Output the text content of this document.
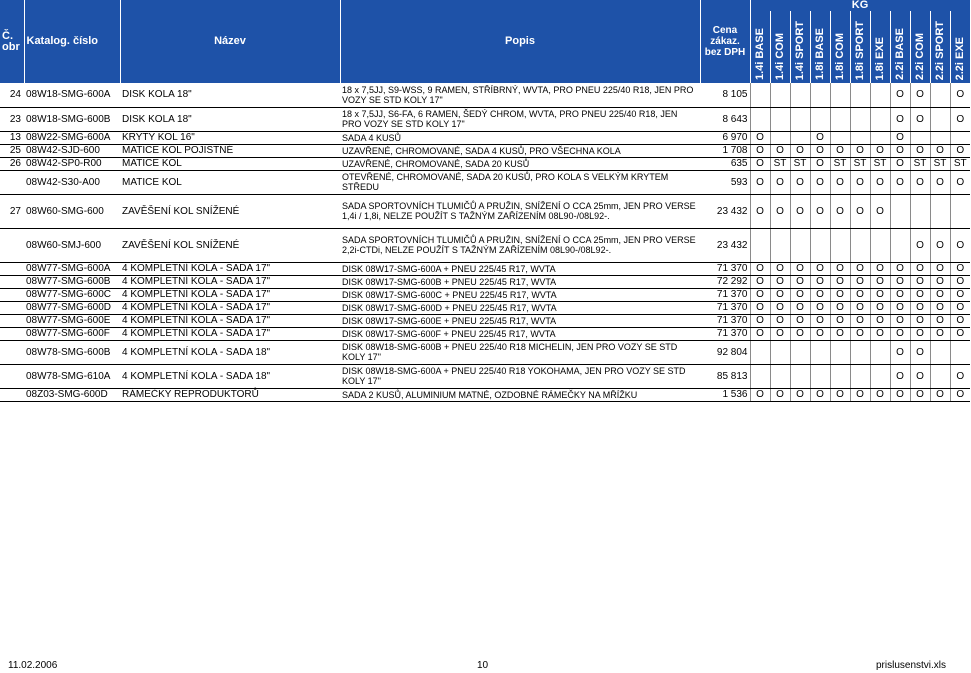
Č. obr	Katalog. číslo	Název	Popis	Cena zákaz. bez DPH	KG										
					1.4i BASE	1.4i COM	1.4i SPORT	1.8i BASE	1.8i COM	1.8i SPORT	1.8i EXE	2.2i BASE	2.2i COM	2.2i SPORT	2.2i EXE
24	08W18-SMG-600A	DISK KOLA 18"	18 x 7,5JJ, S9-WSS, 9 RAMEN, STŘÍBRNÝ, WVTA, PRO PNEU 225/40 R18, JEN PRO VOZY SE STD KOLY 17"	8 105								O	O		O
23	08W18-SMG-600B	DISK KOLA 18"	18 x 7,5JJ, S6-FA, 6 RAMEN, ŠEDÝ CHROM, WVTA, PRO PNEU 225/40 R18, JEN PRO VOZY SE STD KOLY 17"	8 643								O	O		O
13	08W22-SMG-600A	KRYTY KOL 16"	SADA 4 KUSŮ	6 970	O			O				O			
25	08W42-SJD-600	MATICE KOL POJISTNÉ	UZAVŘENÉ, CHROMOVANÉ, SADA 4 KUSŮ, PRO VŠECHNA KOLA	1 708	O	O	O	O	O	O	O	O	O	O	O
26	08W42-SP0-R00	MATICE KOL	UZAVŘENÉ, CHROMOVANÉ, SADA 20 KUSŮ	635	O	ST	ST	O	ST	ST	ST	O	ST	ST	ST
	08W42-S30-A00	MATICE KOL	OTEVŘENÉ, CHROMOVANÉ, SADA 20 KUSŮ, PRO KOLA S VELKÝM KRYTEM STŘEDU	593	O	O	O	O	O	O	O	O	O	O	O
27	08W60-SMG-600	ZAVĚŠENÍ KOL SNÍŽENÉ	SADA SPORTOVNÍCH TLUMIČŮ A PRUŽIN, SNÍŽENÍ O CCA 25mm, JEN PRO VERSE 1,4i / 1,8i, NELZE POUŽÍT S TAŽNÝM ZAŘÍZENÍM 08L90-/08L92-.	23 432	O	O	O	O	O	O	O				
	08W60-SMJ-600	ZAVĚŠENÍ KOL SNÍŽENÉ	SADA SPORTOVNÍCH TLUMIČŮ A PRUŽIN, SNÍŽENÍ O CCA 25mm, JEN PRO VERSE 2,2i-CTDi, NELZE POUŽÍT S TAŽNÝM ZAŘÍZENÍM 08L90-/08L92-.	23 432									O	O	O
	08W77-SMG-600A	4 KOMPLETNÍ KOLA - SADA 17"	DISK 08W17-SMG-600A + PNEU 225/45 R17, WVTA	71 370	O	O	O	O	O	O	O	O	O	O	O
	08W77-SMG-600B	4 KOMPLETNÍ KOLA - SADA 17"	DISK 08W17-SMG-600B + PNEU 225/45 R17, WVTA	72 292	O	O	O	O	O	O	O	O	O	O	O
	08W77-SMG-600C	4 KOMPLETNÍ KOLA - SADA 17"	DISK 08W17-SMG-600C + PNEU 225/45 R17, WVTA	71 370	O	O	O	O	O	O	O	O	O	O	O
	08W77-SMG-600D	4 KOMPLETNÍ KOLA - SADA 17"	DISK 08W17-SMG-600D + PNEU 225/45 R17, WVTA	71 370	O	O	O	O	O	O	O	O	O	O	O
	08W77-SMG-600E	4 KOMPLETNÍ KOLA - SADA 17"	DISK 08W17-SMG-600E + PNEU 225/45 R17, WVTA	71 370	O	O	O	O	O	O	O	O	O	O	O
	08W77-SMG-600F	4 KOMPLETNÍ KOLA - SADA 17"	DISK 08W17-SMG-600F + PNEU 225/45 R17, WVTA	71 370	O	O	O	O	O	O	O	O	O	O	O
	08W78-SMG-600B	4 KOMPLETNÍ KOLA - SADA 18"	DISK 08W18-SMG-600B + PNEU 225/40 R18 MICHELIN, JEN PRO VOZY SE STD KOLY 17"	92 804								O	O		
	08W78-SMG-610A	4 KOMPLETNÍ KOLA - SADA 18"	DISK 08W18-SMG-600A + PNEU 225/40 R18 YOKOHAMA, JEN PRO VOZY SE STD KOLY 17"	85 813								O	O		O
	08Z03-SMG-600D	RÁMEČKY REPRODUKTORŮ	SADA 2 KUSŮ, ALUMINIUM MATNÉ, OZDOBNÉ RÁMEČKY NA MŘÍŽKU	1 536	O	O	O	O	O	O	O	O	O	O	O
11.02.2006	10	prislusenstvi.xls
